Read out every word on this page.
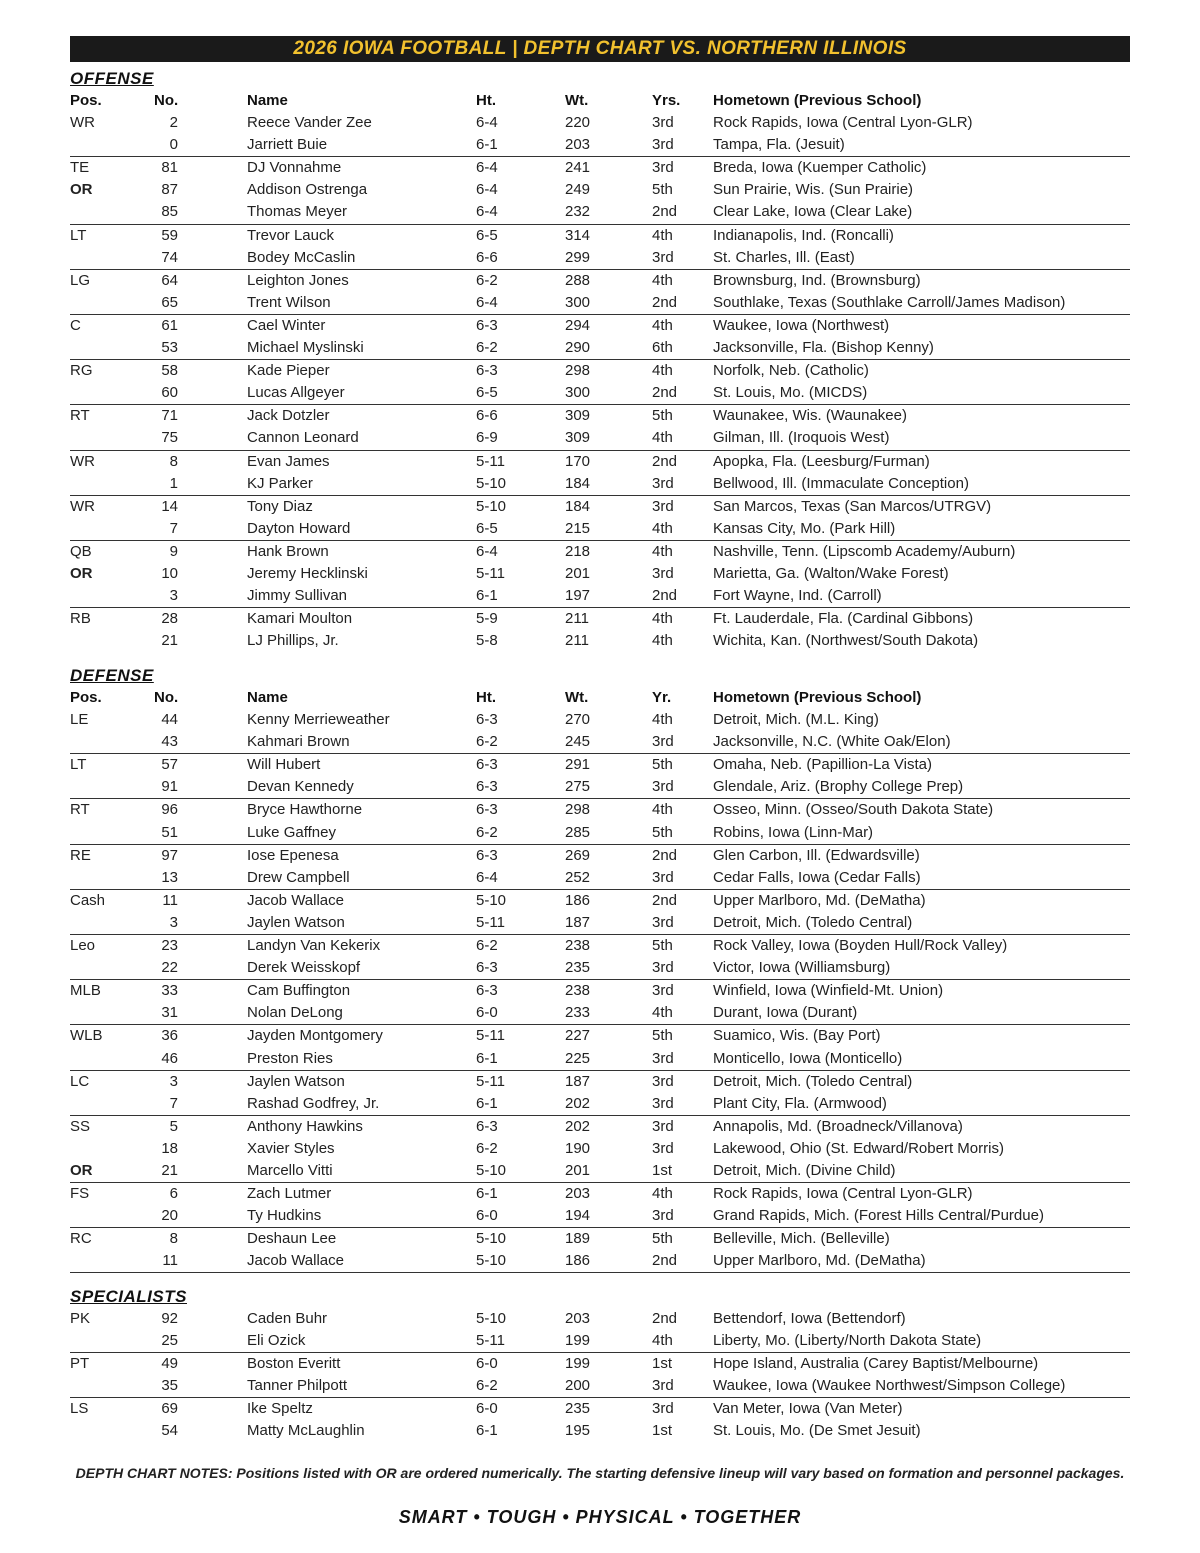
2026 IOWA FOOTBALL | DEPTH CHART VS. NORTHERN ILLINOIS
OFFENSE
Pos.	No.	Name	Ht.	Wt.	Yrs. Hometown (Previous School)
WR	2	Reece Vander Zee	6-4	220	3rd	Rock Rapids, Iowa (Central Lyon-GLR)
0	Jarriett Buie	6-1	203	3rd	Tampa, Fla. (Jesuit)
TE	81	DJ Vonnahme	6-4	241	3rd	Breda, Iowa (Kuemper Catholic)
OR	87	Addison Ostrenga	6-4	249	5th	Sun Prairie, Wis. (Sun Prairie)
85	Thomas Meyer	6-4	232	2nd Clear Lake, Iowa (Clear Lake)
LT	59	Trevor Lauck	6-5	314	4th	Indianapolis, Ind. (Roncalli)
74	Bodey McCaslin	6-6	299	3rd	St. Charles, Ill. (East)
LG	64	Leighton Jones	6-2	288	4th	Brownsburg, Ind. (Brownsburg)
65	Trent Wilson	6-4	300	2nd Southlake, Texas (Southlake Carroll/James Madison)
C	61	Cael Winter	6-3	294	4th	Waukee, Iowa (Northwest)
53	Michael Myslinski	6-2	290	6th	Jacksonville, Fla. (Bishop Kenny)
RG	58	Kade Pieper	6-3	298	4th	Norfolk, Neb. (Catholic)
60	Lucas Allgeyer	6-5	300	2nd St. Louis, Mo. (MICDS)
RT	71	Jack Dotzler	6-6	309	5th	Waunakee, Wis. (Waunakee)
75	Cannon Leonard	6-9	309	4th	Gilman, Ill. (Iroquois West)
WR	8	Evan James	5-11	170	2nd Apopka, Fla. (Leesburg/Furman)
1	KJ Parker	5-10	184	3rd	Bellwood, Ill. (Immaculate Conception)
WR	14	Tony Diaz	5-10	184	3rd	San Marcos, Texas (San Marcos/UTRGV)
7	Dayton Howard	6-5	215	4th	Kansas City, Mo. (Park Hill)
QB	9	Hank Brown	6-4	218	4th	Nashville, Tenn. (Lipscomb Academy/Auburn)
OR	10	Jeremy Hecklinski	5-11	201	3rd	Marietta, Ga. (Walton/Wake Forest)
3	Jimmy Sullivan	6-1	197	2nd Fort Wayne, Ind. (Carroll)
RB	28	Kamari Moulton	5-9	211	4th	Ft. Lauderdale, Fla. (Cardinal Gibbons)
21	LJ Phillips, Jr.	5-8	211	4th	Wichita, Kan. (Northwest/South Dakota)
DEFENSE
Pos.	No.	Name	Ht.	Wt.	Yr.	Hometown (Previous School)
LE	44	Kenny Merrieweather	6-3	270	4th	Detroit, Mich. (M.L. King)
43	Kahmari Brown	6-2	245	3rd	Jacksonville, N.C. (White Oak/Elon)
LT	57	Will Hubert	6-3	291	5th	Omaha, Neb. (Papillion-La Vista)
91	Devan Kennedy	6-3	275	3rd	Glendale, Ariz. (Brophy College Prep)
RT	96	Bryce Hawthorne	6-3	298	4th	Osseo, Minn. (Osseo/South Dakota State)
51	Luke Gaffney	6-2	285	5th	Robins, Iowa (Linn-Mar)
RE	97	Iose Epenesa	6-3	269	2nd Glen Carbon, Ill. (Edwardsville)
13	Drew Campbell	6-4	252	3rd	Cedar Falls, Iowa (Cedar Falls)
Cash	11	Jacob Wallace	5-10	186	2nd Upper Marlboro, Md. (DeMatha)
3	Jaylen Watson	5-11	187	3rd	Detroit, Mich. (Toledo Central)
Leo	23	Landyn Van Kekerix	6-2	238	5th	Rock Valley, Iowa (Boyden Hull/Rock Valley)
22	Derek Weisskopf	6-3	235	3rd	Victor, Iowa (Williamsburg)
MLB	33	Cam Buffington	6-3	238	3rd	Winfield, Iowa (Winfield-Mt. Union)
31	Nolan DeLong	6-0	233	4th	Durant, Iowa (Durant)
WLB	36	Jayden Montgomery	5-11	227	5th	Suamico, Wis. (Bay Port)
46	Preston Ries	6-1	225	3rd	Monticello, Iowa (Monticello)
LC	3	Jaylen Watson	5-11	187	3rd	Detroit, Mich. (Toledo Central)
7	Rashad Godfrey, Jr.	6-1	202	3rd	Plant City, Fla. (Armwood)
SS	5	Anthony Hawkins	6-3	202	3rd	Annapolis, Md. (Broadneck/Villanova)
18	Xavier Styles	6-2	190	3rd	Lakewood, Ohio (St. Edward/Robert Morris)
OR	21	Marcello Vitti	5-10	201	1st	Detroit, Mich. (Divine Child)
FS	6	Zach Lutmer	6-1	203	4th	Rock Rapids, Iowa (Central Lyon-GLR)
20	Ty Hudkins	6-0	194	3rd	Grand Rapids, Mich. (Forest Hills Central/Purdue)
RC	8	Deshaun Lee	5-10	189	5th	Belleville, Mich. (Belleville)
11	Jacob Wallace	5-10	186	2nd Upper Marlboro, Md. (DeMatha)
SPECIALISTS
PK	92	Caden Buhr	5-10	203	2nd Bettendorf, Iowa (Bettendorf)
25	Eli Ozick	5-11	199	4th	Liberty, Mo. (Liberty/North Dakota State)
PT	49	Boston Everitt	6-0	199	1st	Hope Island, Australia (Carey Baptist/Melbourne)
35	Tanner Philpott	6-2	200	3rd	Waukee, Iowa (Waukee Northwest/Simpson College)
LS	69	Ike Speltz	6-0	235	3rd	Van Meter, Iowa (Van Meter)
54	Matty McLaughlin	6-1	195	1st	St. Louis, Mo. (De Smet Jesuit)
DEPTH CHART NOTES: Positions listed with OR are ordered numerically. The starting defensive lineup will vary based on formation and personnel packages.
SMART • TOUGH • PHYSICAL • TOGETHER
